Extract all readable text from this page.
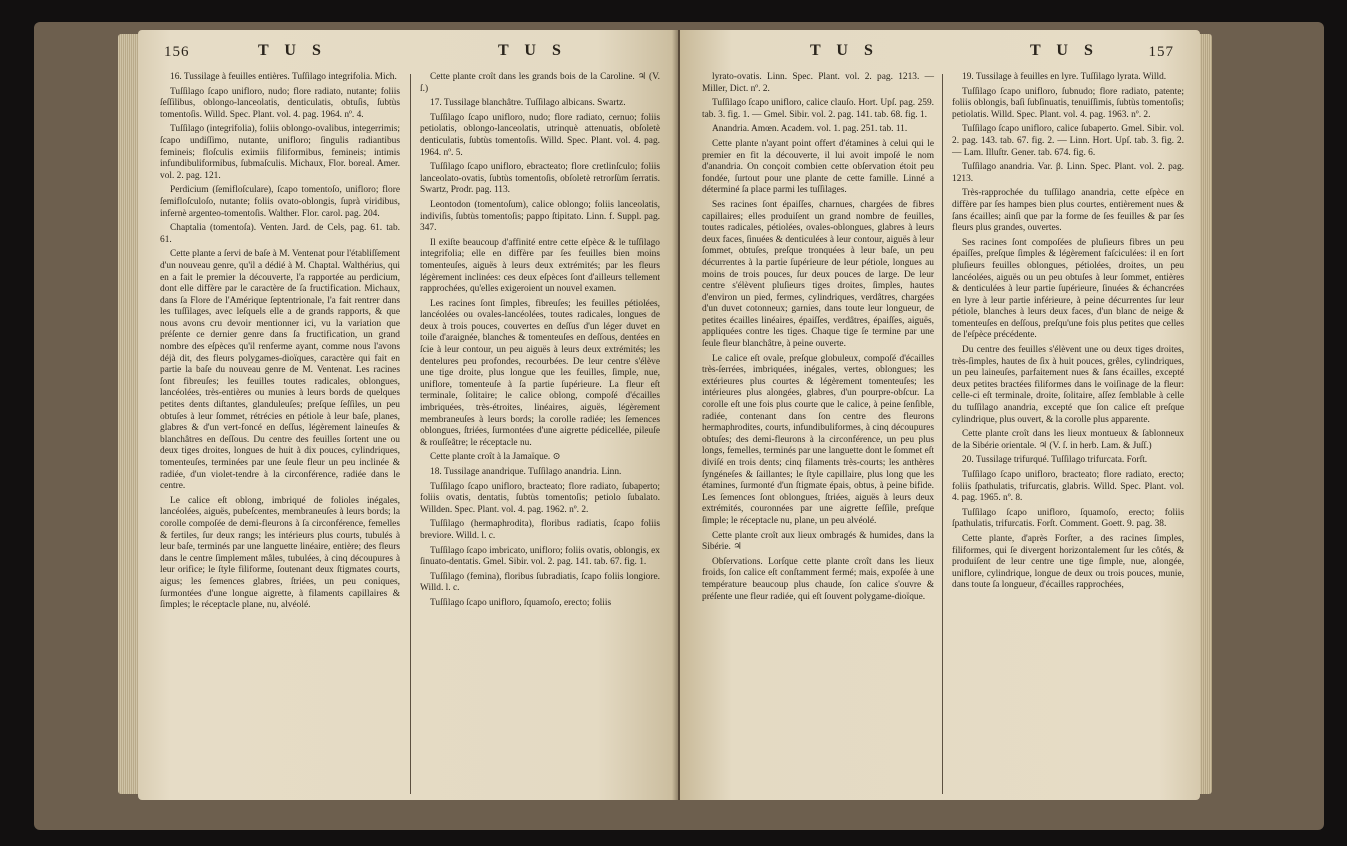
156	T U S	T U S

16. Tussilage à feuilles entières. Tuſſilago integrifolia. Mich.

Tuſſilago ſcapo unifloro, nudo; flore radiato, nutante; foliis ſeſſilibus, oblongo-lanceolatis, denticulatis, obtuſis, ſubtùs tomentoſis. Willd. Spec. Plant. vol. 4. pag. 1964. nº. 4.

Tuſſilago (integrifolia), foliis oblongo-ovalibus, integerrimis; ſcapo undiſſimo, nutante, unifloro; ſingulis radiantibus femineis; floſculis eximiis filiformibus, femineis; intimis infundibuliformibus, ſubmaſculis. Michaux, Flor. boreal. Amer. vol. 2. pag. 121.

Perdicium (ſemifloſculare), ſcapo tomentoſo, unifloro; flore ſemifloſculoſo, nutante; foliis ovato-oblongis, ſuprà viridibus, infernè argenteo-tomentoſis. Walther. Flor. carol. pag. 204.

Chaptalia (tomentoſa). Venten. Jard. de Cels, pag. 61. tab. 61.

Cette plante a ſervi de baſe à M. Ventenat pour l'établiſſement d'un nouveau genre, qu'il a dédié à M. Chaptal. Walthérius, qui en a fait le premier la découverte, l'a rapportée au perdicium, dont elle diffère par le caractère de ſa fructification. Michaux, dans ſa Flore de l'Amérique ſeptentrionale, l'a fait rentrer dans les tuſſilages, avec leſquels elle a de grands rapports, & que nous avons cru devoir mentionner ici, vu la variation que préſente ce dernier genre dans ſa fructification, un grand nombre des eſpèces qu'il renferme ayant, comme nous l'avons déjà dit, des fleurs polygames-dioïques, caractère qui fait en partie la baſe du nouveau genre de M. Ventenat. Les racines ſont fibreuſes; les feuilles toutes radicales, oblongues, lancéolées, très-entières ou munies à leurs bords de quelques petites dents diſtantes, glanduleuſes; preſque ſeſſiles, un peu obtuſes à leur ſommet, rétrécies en pétiole à leur baſe, planes, glabres & d'un vert-foncé en deſſus, légèrement laineuſes & blanchâtres en deſſous. Du centre des feuilles ſortent une ou deux tiges droites, longues de huit à dix pouces, cylindriques, tomenteuſes, terminées par une ſeule fleur un peu inclinée & radiée, d'un violet-tendre à la circonférence, radiée dans le centre.

Le calice eſt oblong, imbriqué de folioles inégales, lancéolées, aiguës, pubeſcentes, membraneuſes à leurs bords; la corolle compoſée de demi-fleurons à ſa circonférence, femelles & fertiles, ſur deux rangs; les intérieurs plus courts, tubulés à leur baſe, terminés par une languette linéaire, entière; des fleurs dans le centre ſimplement mâles, tubulées, à cinq découpures à leur orifice; le ſtyle filiforme, ſoutenant deux ſtigmates courts, aigus; les ſemences glabres, ſtriées, un peu coniques, ſurmontées d'une longue aigrette, à filaments capillaires & ſimples; le réceptacle plane, nu, alvéolé.

Cette plante croît dans les grands bois de la Caroline. ♃ (V. ſ.)

17. Tussilage blanchâtre. Tuſſilago albicans. Swartz.

Tuſſilago ſcapo unifloro, nudo; flore radiato, cernuo; foliis petiolatis, oblongo-lanceolatis, utrinquè attenuatis, obſoletè denticulatis, ſubtùs tomentoſis. Willd. Spec. Plant. vol. 4. pag. 1964. nº. 5.

Tuſſilago ſcapo unifloro, ebracteato; flore cretlinſculo; foliis lanceolato-ovatis, ſubtùs tomentoſis, obſoletè retrorſùm ſerratis. Swartz, Prodr. pag. 113.

Leontodon (tomentoſum), calice oblongo; foliis lanceolatis, indiviſis, ſubtùs tomentoſis; pappo ſtipitato. Linn. f. Suppl. pag. 347.

Il exiſte beaucoup d'affinité entre cette eſpèce & le tuſſilago integrifolia; elle en diffère par ſes feuilles bien moins tomenteuſes, aiguës à leurs deux extrémités; par les fleurs légèrement inclinées: ces deux eſpèces ſont d'ailleurs tellement rapprochées, qu'elles exigeroient un nouvel examen.

Les racines ſont ſimples, fibreuſes; les feuilles pétiolées, lancéolées ou ovales-lancéolées, toutes radicales, longues de deux à trois pouces, couvertes en deſſus d'un léger duvet en toile d'araignée, blanches & tomenteuſes en deſſous, dentées en ſcie à leur contour, un peu aiguës à leurs deux extrémités; les dentelures peu profondes, recourbées. De leur centre s'élève une tige droite, plus longue que les feuilles, ſimple, nue, uniflore, tomenteuſe à ſa partie ſupérieure. La fleur eſt terminale, ſolitaire; le calice oblong, compoſé d'écailles imbriquées, très-étroites, linéaires, aiguës, légèrement membraneuſes à leurs bords; la corolle radiée; les ſemences oblongues, ſtriées, ſurmontées d'une aigrette pédicellée, pileuſe & rouſſeâtre; le réceptacle nu.

Cette plante croît à la Jamaïque. ⊙

18. Tussilage anandrique. Tuſſilago anandria. Linn.

Tuſſilago ſcapo unifloro, bracteato; flore radiato, ſubaperto; foliis ovatis, dentatis, ſubtùs tomentoſis; petiolo ſubalato. Willden. Spec. Plant. vol. 4. pag. 1962. nº. 2.

Tuſſilago (hermaphrodita), floribus radiatis, ſcapo foliis breviore. Willd. l. c.

Tuſſilago ſcapo imbricato, unifloro; foliis ovatis, oblongis, ex ſinuato-dentatis. Gmel. Sibir. vol. 2. pag. 141. tab. 67. fig. 1.

Tuſſilago (femina), floribus ſubradiatis, ſcapo foliis longiore. Willd. l. c.

Tuſſilago ſcapo unifloro, ſquamoſo, erecto; foliis

T U S	T U S	157

lyrato-ovatis. Linn. Spec. Plant. vol. 2. pag. 1213. — Miller, Dict. nº. 2.

Tuſſilago ſcapo unifloro, calice clauſo. Hort. Upſ. pag. 259. tab. 3. fig. 1. — Gmel. Sibir. vol. 2. pag. 141. tab. 68. fig. 1.

Anandria. Amœn. Academ. vol. 1. pag. 251. tab. 11.

Cette plante n'ayant point offert d'étamines à celui qui le premier en fit la découverte, il lui avoit impoſé le nom d'anandria. On conçoit combien cette obſervation étoit peu fondée, ſurtout pour une plante de cette famille. Linné a déterminé ſa place parmi les tuſſilages.

Ses racines ſont épaiſſes, charnues, chargées de fibres capillaires; elles produiſent un grand nombre de feuilles, toutes radicales, pétiolées, ovales-oblongues, glabres à leurs deux faces, ſinuées & denticulées à leur contour, aiguës à leur ſommet, obtuſes, preſque tronquées à leur baſe, un peu décurrentes à la partie ſupérieure de leur pétiole, longues au moins de trois pouces, ſur deux pouces de large. De leur centre s'élèvent pluſieurs tiges droites, ſimples, hautes d'environ un pied, fermes, cylindriques, verdâtres, chargées d'un duvet cotonneux; garnies, dans toute leur longueur, de petites écailles linéaires, épaiſſes, verdâtres, épaiſſes, aiguës, appliquées contre les tiges. Chaque tige ſe termine par une ſeule fleur blanchâtre, à peine ouverte.

Le calice eſt ovale, preſque globuleux, compoſé d'écailles très-ſerrées, imbriquées, inégales, vertes, oblongues; les extérieures plus courtes & légèrement tomenteuſes; les intérieures plus alongées, glabres, d'un pourpre-obſcur. La corolle eſt une fois plus courte que le calice, à peine ſenſible, radiée, contenant dans ſon centre des fleurons hermaphrodites, courts, infundibuliformes, à cinq découpures obtuſes; des demi-fleurons à la circonférence, un peu plus longs, femelles, terminés par une languette dont le ſommet eſt diviſé en trois dents; cinq filaments très-courts; les anthères ſyngéneſes & ſaillantes; le ſtyle capillaire, plus long que les étamines, ſurmonté d'un ſtigmate épais, obtus, à peine bifide. Les ſemences ſont oblongues, ſtriées, aiguës à leurs deux extrémités, couronnées par une aigrette ſeſſile, preſque ſimple; le réceptacle nu, plane, un peu alvéolé.

Cette plante croît aux lieux ombragés & humides, dans la Sibérie. ♃

Obſervations. Lorſque cette plante croît dans les lieux froids, ſon calice eſt conſtamment fermé; mais, expoſée à une température beaucoup plus chaude, ſon calice s'ouvre & préſente une fleur radiée, qui eſt ſouvent polygame-dioïque.

19. Tussilage à feuilles en lyre. Tuſſilago lyrata. Willd.

Tuſſilago ſcapo unifloro, ſubnudo; flore radiato, patente; foliis oblongis, baſi ſubſinuatis, tenuiſſimis, ſubtùs tomentoſis; petiolatis. Willd. Spec. Plant. vol. 4. pag. 1963. nº. 2.

Tuſſilago ſcapo unifloro, calice ſubaperto. Gmel. Sibir. vol. 2. pag. 143. tab. 67. fig. 2. — Linn. Hort. Upſ. tab. 3. fig. 2. — Lam. Illuſtr. Gener. tab. 674. fig. 6.

Tuſſilago anandria. Var. β. Linn. Spec. Plant. vol. 2. pag. 1213.

Très-rapprochée du tuſſilago anandria, cette eſpèce en diffère par ſes hampes bien plus courtes, entièrement nues & ſans écailles; ainſi que par la forme de ſes feuilles & par ſes fleurs plus grandes, ouvertes.

Ses racines ſont compoſées de pluſieurs fibres un peu épaiſſes, preſque ſimples & légèrement faſciculées: il en ſort pluſieurs feuilles oblongues, pétiolées, droites, un peu lancéolées, aiguës ou un peu obtuſes à leur ſommet, entières & denticulées à leur partie ſupérieure, ſinuées & échancrées en lyre à leur partie inférieure, à peine décurrentes ſur leur pétiole, blanches à leurs deux faces, d'un blanc de neige & tomenteuſes en deſſous, preſqu'une fois plus petites que celles de l'eſpèce précédente.

Du centre des feuilles s'élèvent une ou deux tiges droites, très-ſimples, hautes de ſix à huit pouces, grêles, cylindriques, un peu laineuſes, parfaitement nues & ſans écailles, excepté deux petites bractées filiformes dans le voiſinage de la fleur: celle-ci eſt terminale, droite, ſolitaire, aſſez ſemblable à celle du tuſſilago anandria, excepté que ſon calice eſt preſque cylindrique, plus ouvert, & la corolle plus apparente.

Cette plante croît dans les lieux montueux & ſablonneux de la Sibérie orientale. ♃ (V. ſ. in herb. Lam. & Juſſ.)

20. Tussilage trifurqué. Tuſſilago trifurcata. Forſt.

Tuſſilago ſcapo unifloro, bracteato; flore radiato, erecto; foliis ſpathulatis, trifurcatis, glabris. Willd. Spec. Plant. vol. 4. pag. 1965. nº. 8.

Tuſſilago ſcapo unifloro, ſquamoſo, erecto; foliis ſpathulatis, trifurcatis. Forſt. Comment. Goett. 9. pag. 38.

Cette plante, d'après Forſter, a des racines ſimples, filiformes, qui ſe divergent horizontalement ſur les côtés, & produiſent de leur centre une tige ſimple, nue, alongée, uniflore, cylindrique, longue de deux ou trois pouces, munie, dans toute ſa longueur, d'écailles rapprochées,
